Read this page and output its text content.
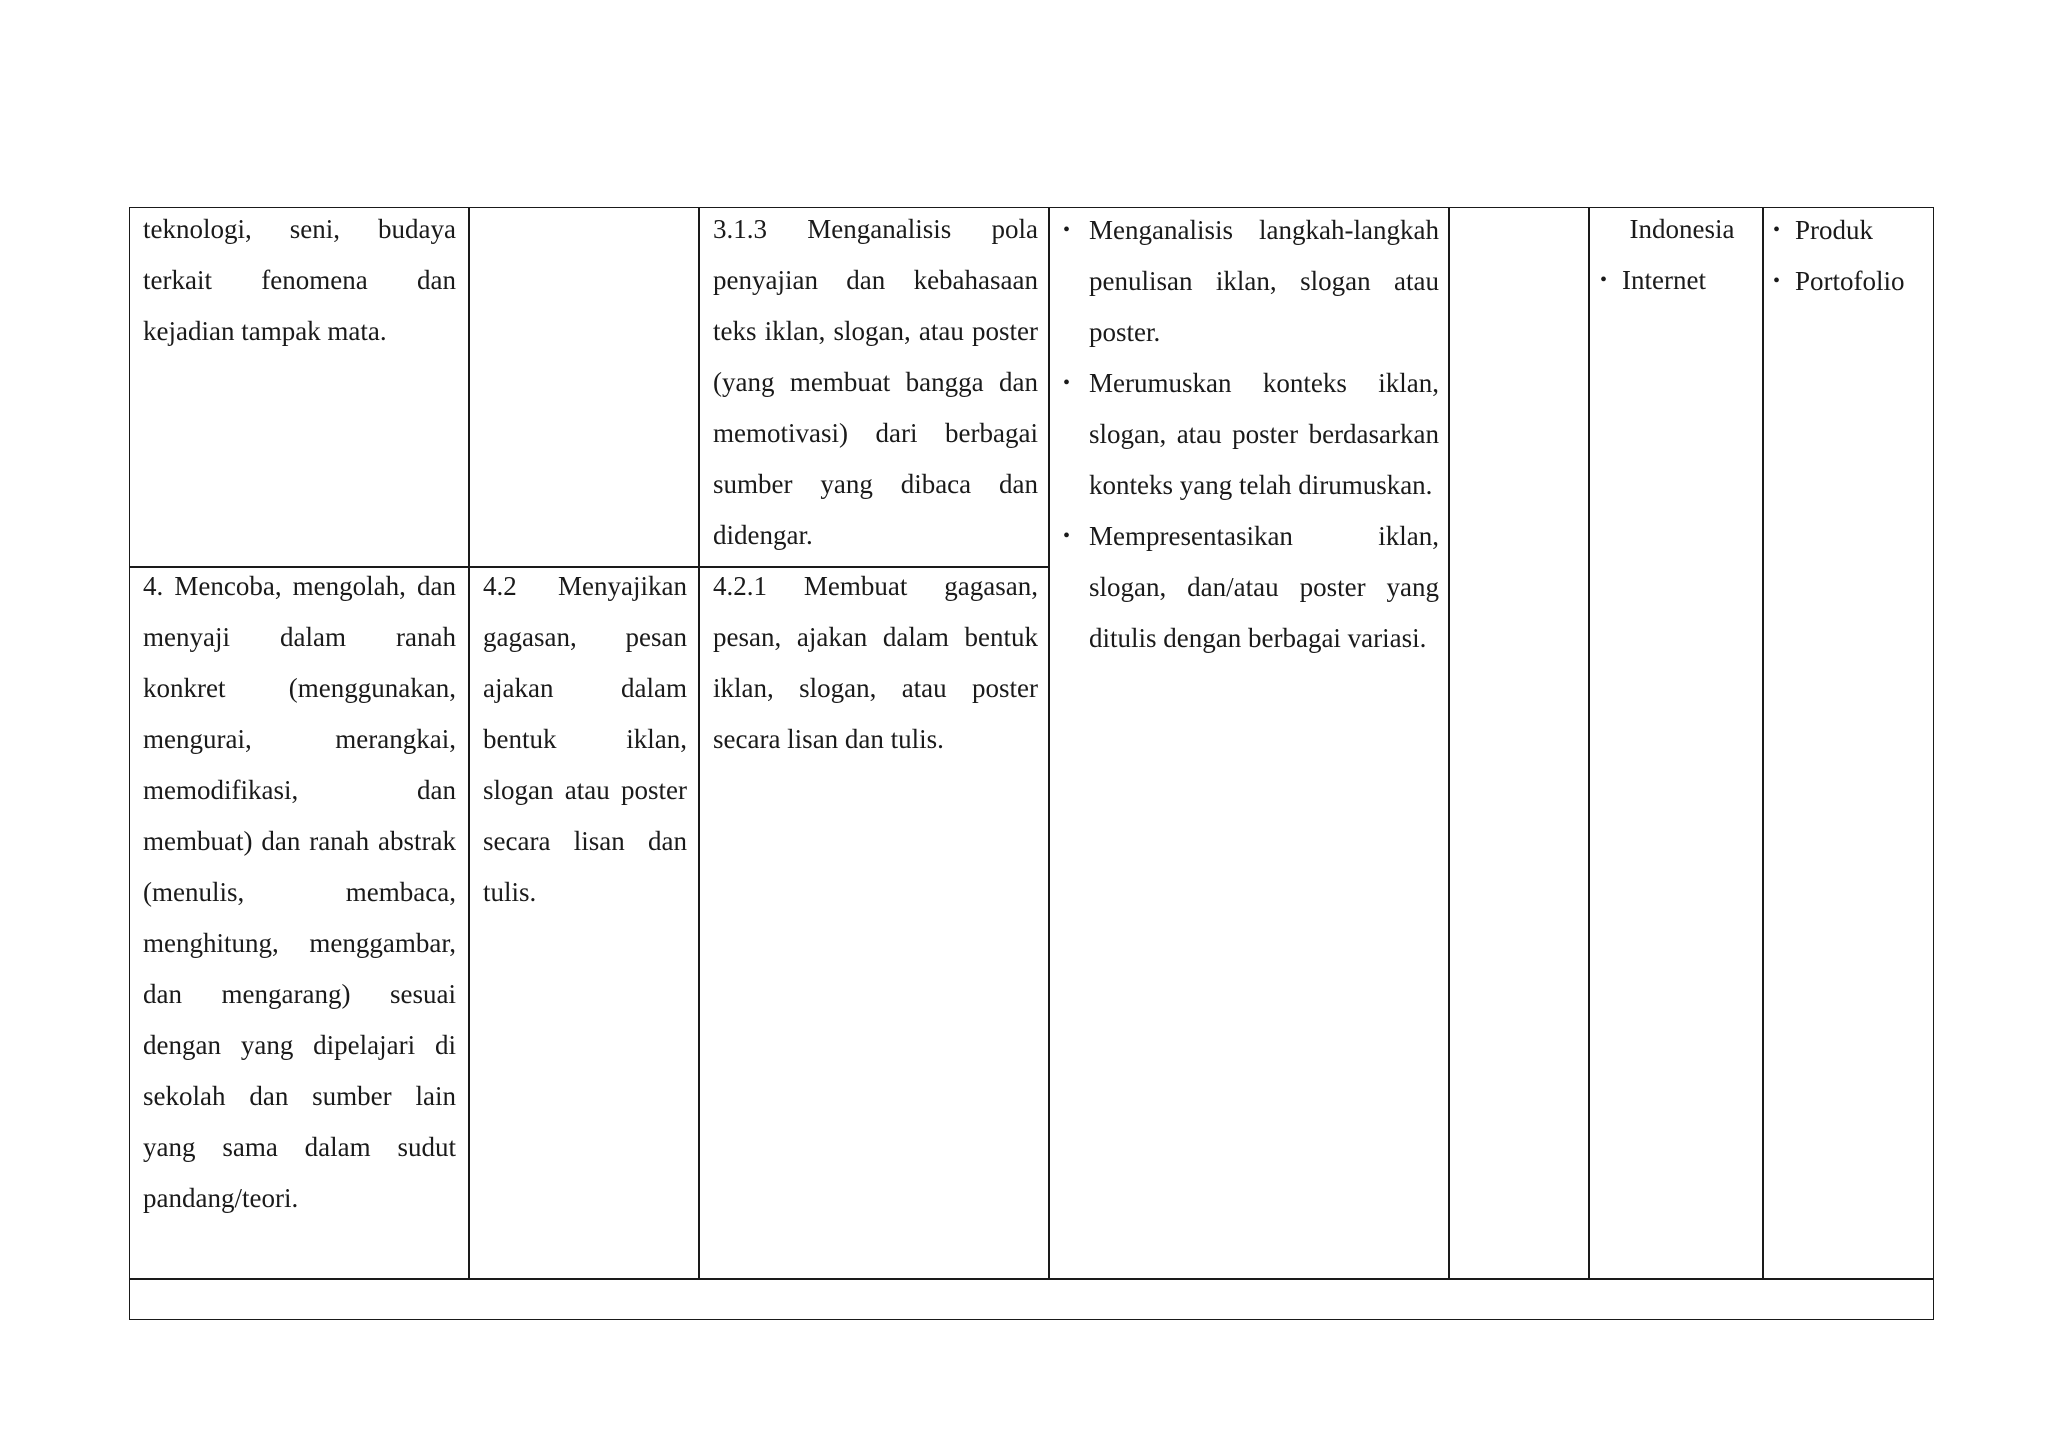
teknologi, seni, budaya terkait fenomena dan kejadian tampak mata.

4. Mencoba, mengolah, dan menyaji dalam ranah konkret (menggunakan, mengurai, merangkai, memodifikasi, dan membuat) dan ranah abstrak (menulis, membaca, menghitung, menggambar, dan mengarang) sesuai dengan yang dipelajari di sekolah dan sumber lain yang sama dalam sudut pandang/teori.

4.2 Menyajikan gagasan, pesan ajakan dalam bentuk iklan, slogan atau poster secara lisan dan tulis.

3.1.3 Menganalisis pola penyajian dan kebahasaan teks iklan, slogan, atau poster (yang membuat bangga dan memotivasi) dari berbagai sumber yang dibaca dan didengar.

4.2.1 Membuat gagasan, pesan, ajakan dalam bentuk iklan, slogan, atau poster secara lisan dan tulis.

• Menganalisis langkah-langkah penulisan iklan, slogan atau poster.
• Merumuskan konteks iklan, slogan, atau poster berdasarkan konteks yang telah dirumuskan.
• Mempresentasikan iklan, slogan, dan/atau poster yang ditulis dengan berbagai variasi.

Indonesia

• Internet
• Produk
• Portofolio
